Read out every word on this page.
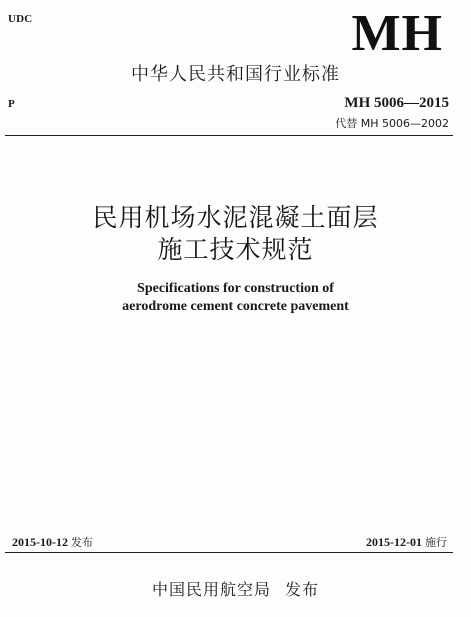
UDC	MH
中华人民共和国行业标准
P	MH 5006—2015
代替 MH 5006—2002
民用机场水泥混凝土面层
施工技术规范
Specifications for construction of
aerodrome cement concrete pavement
2015-10-12 发布	2015-12-01 施行
中国民用航空局 发布
